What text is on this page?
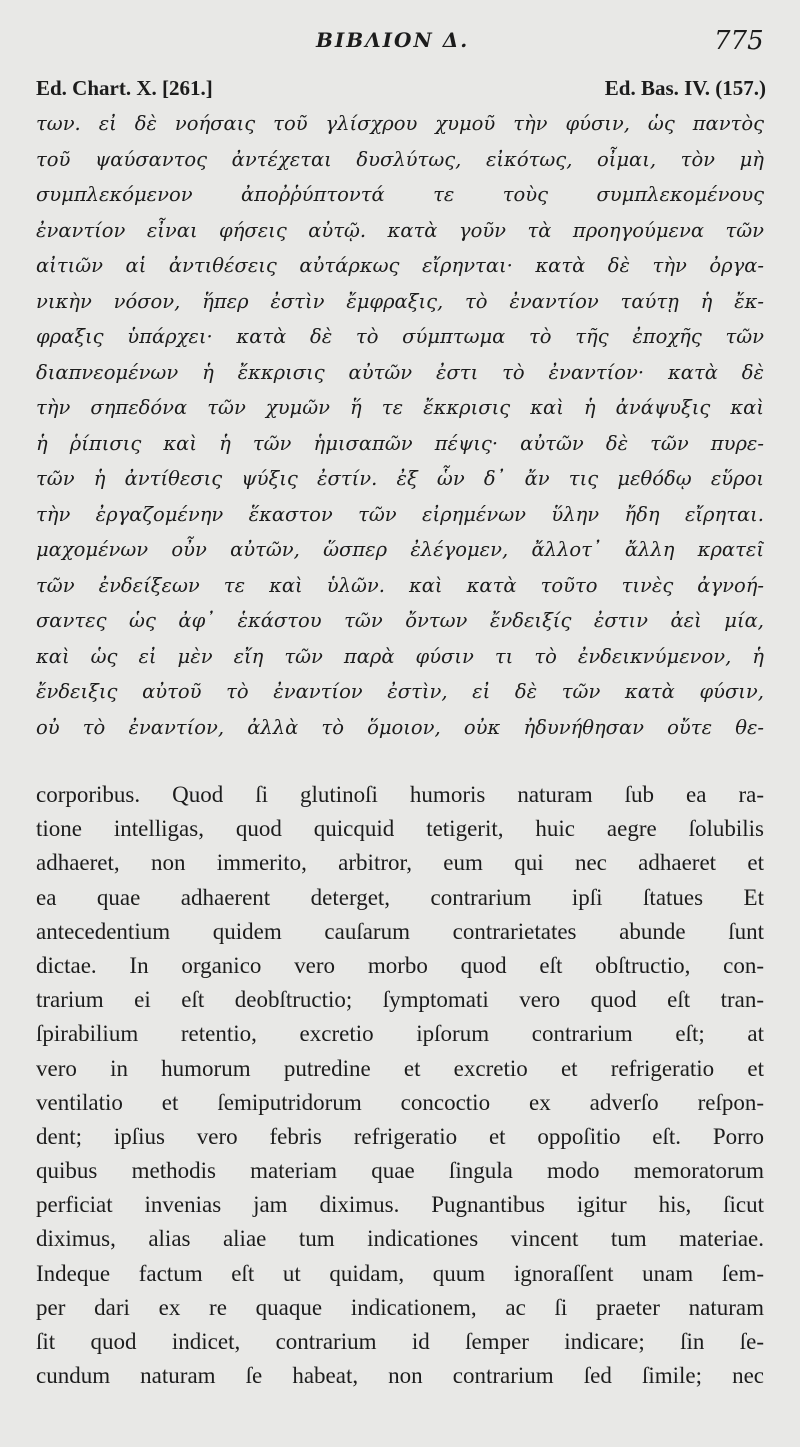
BIBΛΙΟΝ Δ.	775
Ed. Chart. X. [261.]	Ed. Bas. IV. (157.)
των. εἰ δὲ νοήσαις τοῦ γλίσχρου χυμοῦ τὴν φύσιν, ὡς παντὸς
τοῦ ψαύσαντος ἀντέχεται δυσλύτως, εἰκότως, οἶμαι, τὸν μὴ
συμπλεκόμενον ἀποῤῥύπτοντά τε τοὺς συμπλεκομένους
ἐναντίον εἶναι φήσεις αὐτῷ. κατὰ γοῦν τὰ προηγούμενα τῶν
αἰτιῶν αἱ ἀντιθέσεις αὐτάρκως εἴρηνται· κατὰ δὲ τὴν ὀργα-
νικὴν νόσον, ἥπερ ἐστὶν ἔμφραξις, τὸ ἐναντίον ταύτῃ ἡ ἔκ-
φραξις ὑπάρχει· κατὰ δὲ τὸ σύμπτωμα τὸ τῆς ἐποχῆς τῶν
διαπνεομένων ἡ ἔκκρισις αὐτῶν ἐστι τὸ ἐναντίον· κατὰ δὲ
τὴν σηπεδόνα τῶν χυμῶν ἥ τε ἔκκρισις καὶ ἡ ἀνάψυξις καὶ
ἡ ῥίπισις καὶ ἡ τῶν ἡμισαπῶν πέψις· αὐτῶν δὲ τῶν πυρε-
τῶν ἡ ἀντίθεσις ψύξις ἐστίν. ἐξ ὧν δ᾽ ἄν τις μεθόδῳ εὕροι
τὴν ἐργαζομένην ἕκαστον τῶν εἰρημένων ὕλην ἤδη εἴρηται.
μαχομένων οὖν αὐτῶν, ὥσπερ ἐλέγομεν, ἄλλοτ᾽ ἄλλη κρατεῖ
τῶν ἐνδείξεων τε καὶ ὑλῶν. καὶ κατὰ τοῦτο τινὲς ἀγνοή-
σαντες ὡς ἀφ᾽ ἑκάστου τῶν ὄντων ἔνδειξίς ἐστιν ἀεὶ μία,
καὶ ὡς εἰ μὲν εἴη τῶν παρὰ φύσιν τι τὸ ἐνδεικνύμενον, ἡ
ἔνδειξις αὐτοῦ τὸ ἐναντίον ἐστὶν, εἰ δὲ τῶν κατὰ φύσιν,
οὐ τὸ ἐναντίον, ἀλλὰ τὸ ὅμοιον, οὐκ ἠδυνήθησαν οὔτε θε-
corporibus. Quod ſi glutinoſi humoris naturam ſub ea ra-
tione intelligas, quod quicquid tetigerit, huic aegre ſolubilis
adhaeret, non immerito, arbitror, eum qui nec adhaeret et
ea quae adhaerent deterget, contrarium ipſi ſtatues Et
antecedentium quidem cauſarum contrarietates abunde ſunt
dictae. In organico vero morbo quod eſt obſtructio, con-
trarium ei eſt deobſtructio; ſymptomati vero quod eſt tran-
ſpirabilium retentio, excretio ipſorum contrarium eſt; at
vero in humorum putredine et excretio et refrigeratio et
ventilatio et ſemiputridorum concoctio ex adverſo reſpon-
dent; ipſius vero febris refrigeratio et oppoſitio eſt. Porro
quibus methodis materiam quae ſingula modo memoratorum
perficiat invenias jam diximus. Pugnantibus igitur his, ſicut
diximus, alias aliae tum indicationes vincent tum materiae.
Indeque factum eſt ut quidam, quum ignoraſſent unam ſem-
per dari ex re quaque indicationem, ac ſi praeter naturam
ſit quod indicet, contrarium id ſemper indicare; ſin ſe-
cundum naturam ſe habeat, non contrarium ſed ſimile; nec
